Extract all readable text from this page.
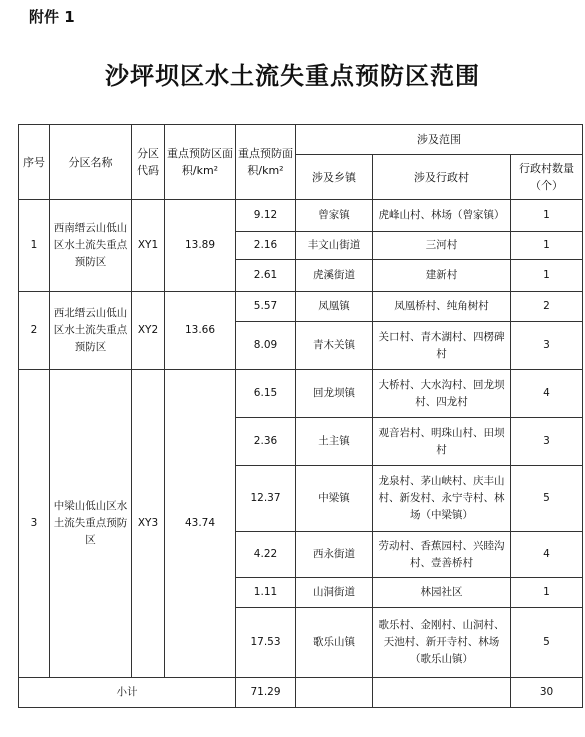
附件 1
沙坪坝区水土流失重点预防区范围
序号	分区名称	分区代码	重点预防区面积/km²	重点预防面积/km²	涉及范围		
					涉及乡镇	涉及行政村	行政村数量（个）
1	西南缙云山低山区水土流失重点预防区	XY1	13.89	9.12	曾家镇	虎峰山村、林场（曾家镇）	1
				2.16	丰文山街道	三河村	1
				2.61	虎溪街道	建新村	1
2	西北缙云山低山区水土流失重点预防区	XY2	13.66	5.57	凤凰镇	凤凰桥村、纯角树村	2
				8.09	青木关镇	关口村、青木湖村、四楞碑村	3
3	中梁山低山区水土流失重点预防区	XY3	43.74	6.15	回龙坝镇	大桥村、大水沟村、回龙坝村、四龙村	4
				2.36	土主镇	观音岩村、明珠山村、田坝村	3
				12.37	中梁镇	龙泉村、茅山峡村、庆丰山村、新发村、永宁寺村、林场（中梁镇）	5
				4.22	西永街道	劳动村、香蕉园村、兴睦沟村、壹善桥村	4
				1.11	山洞街道	林园社区	1
				17.53	歌乐山镇	歌乐村、金刚村、山洞村、天池村、新开寺村、林场（歌乐山镇）	5
小计				71.29			30
